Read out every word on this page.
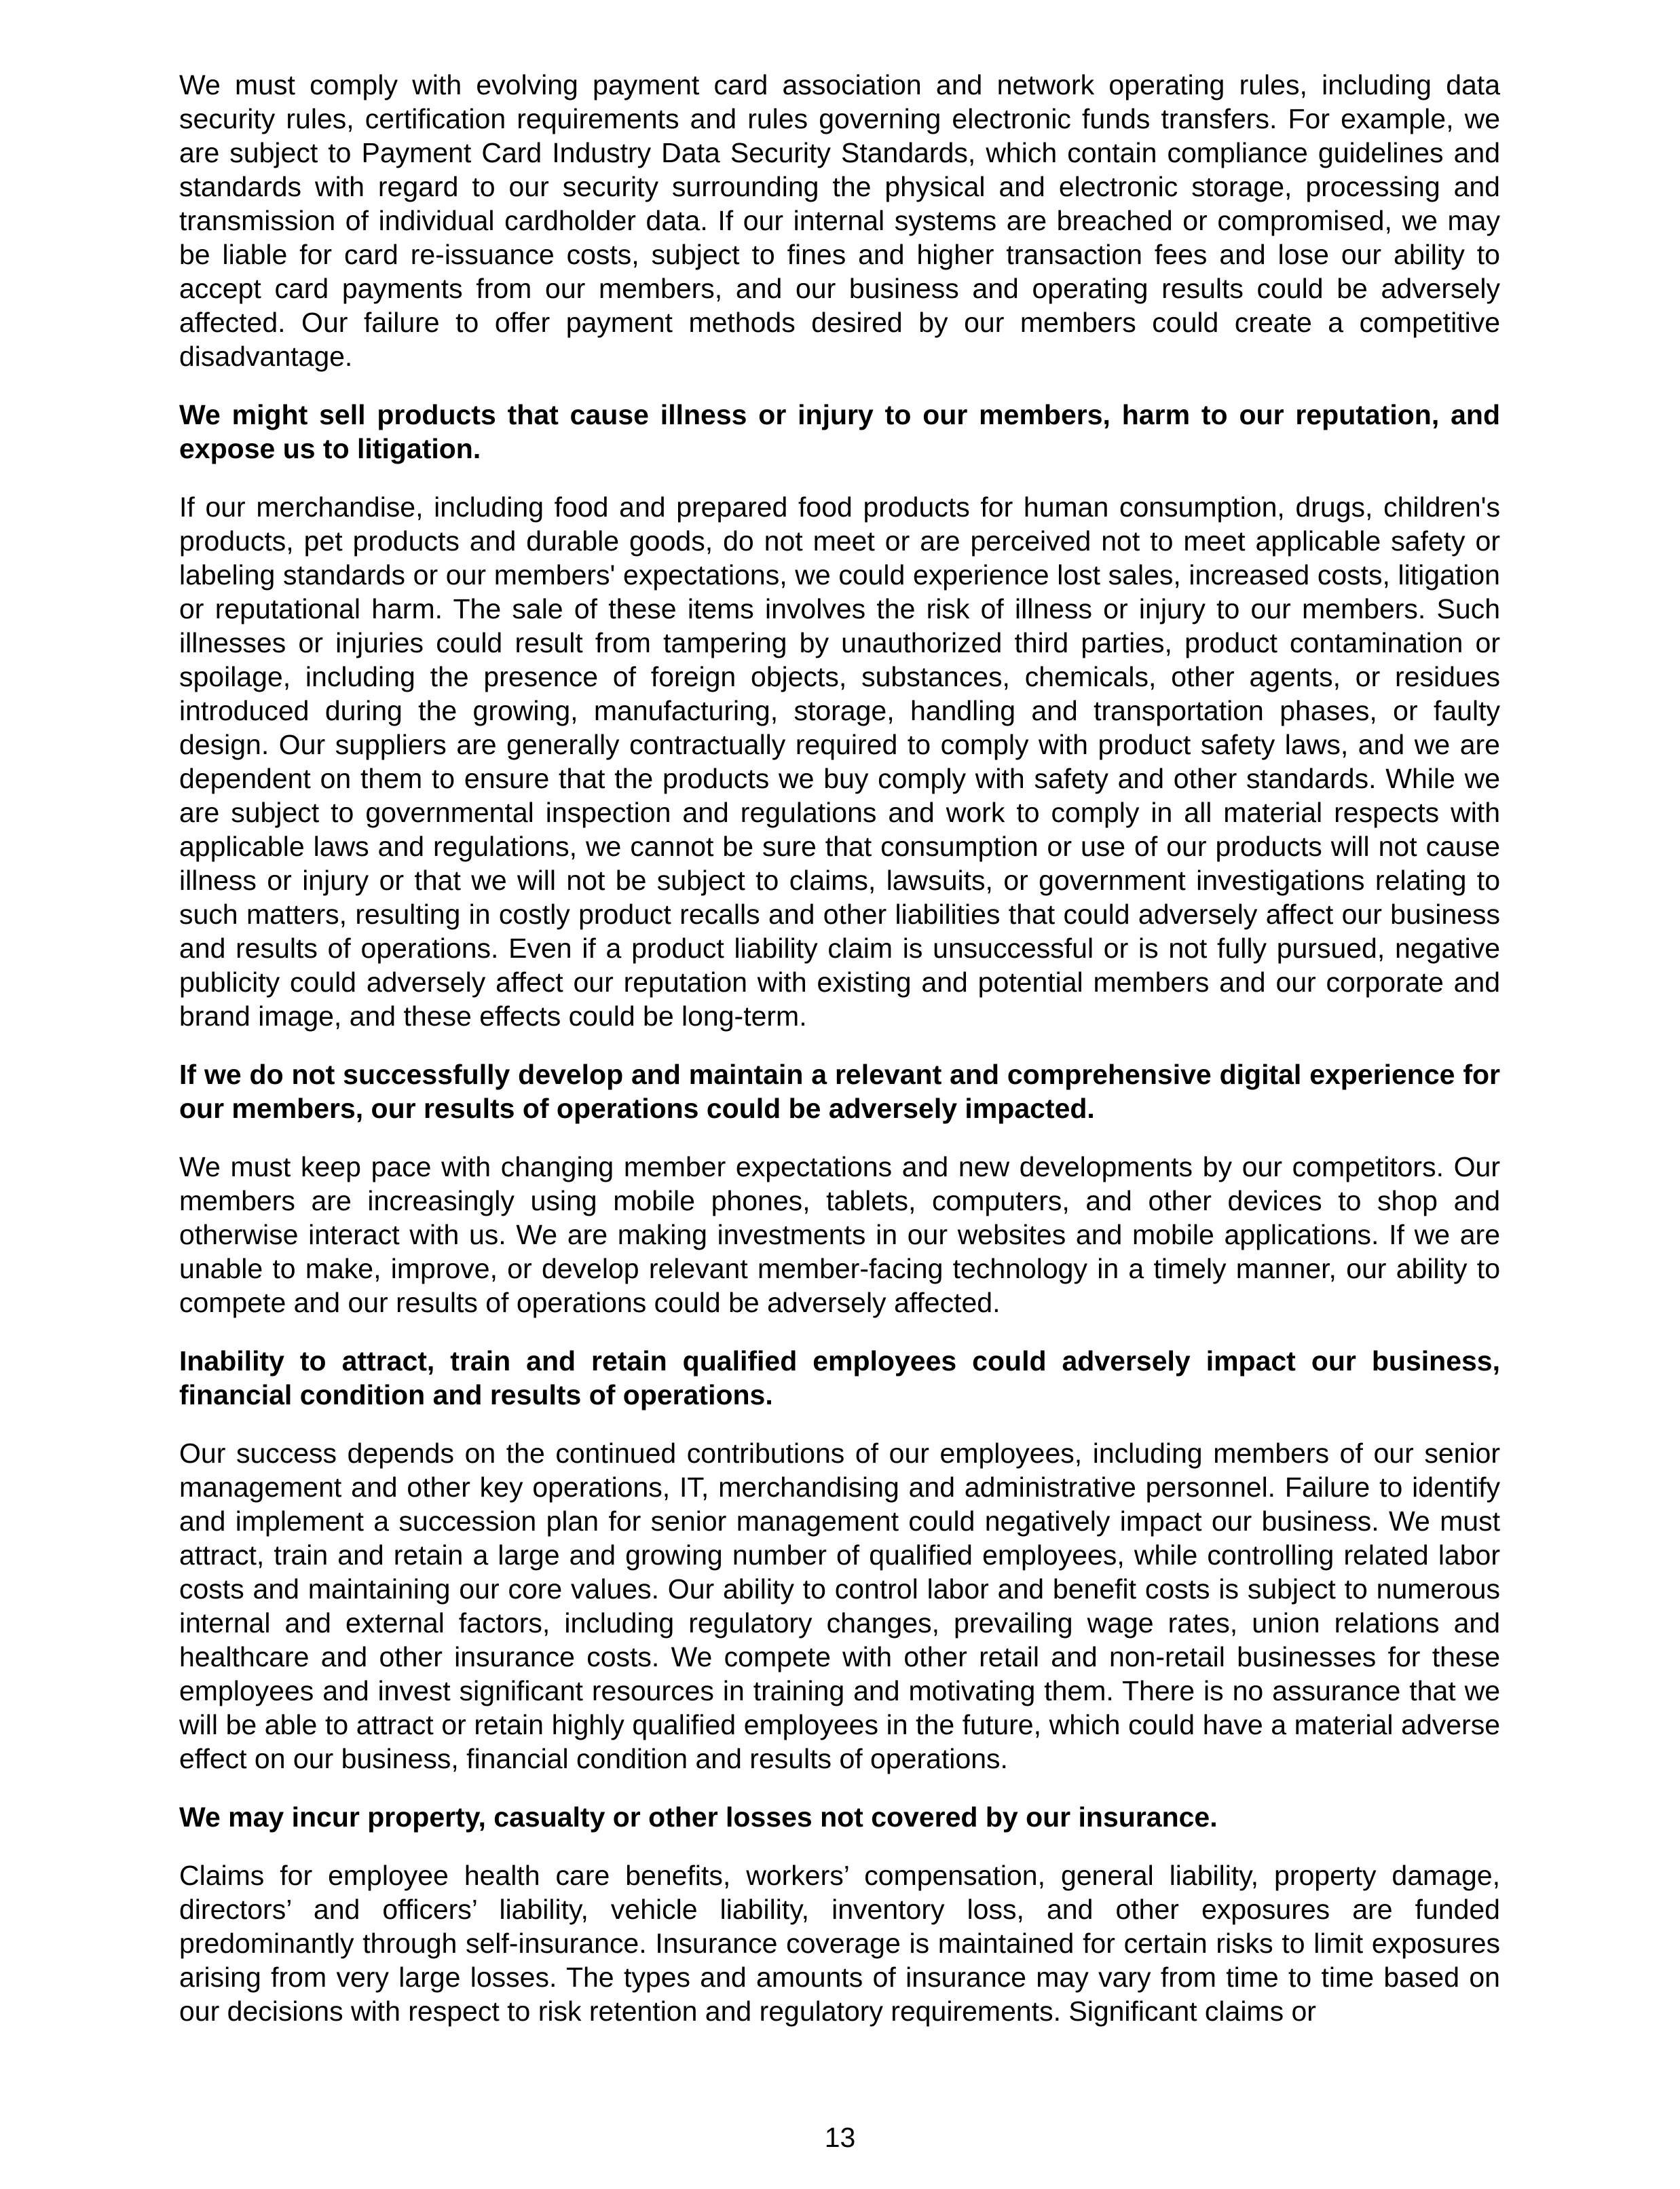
We must comply with evolving payment card association and network operating rules, including data security rules, certification requirements and rules governing electronic funds transfers. For example, we are subject to Payment Card Industry Data Security Standards, which contain compliance guidelines and standards with regard to our security surrounding the physical and electronic storage, processing and transmission of individual cardholder data. If our internal systems are breached or compromised, we may be liable for card re-issuance costs, subject to fines and higher transaction fees and lose our ability to accept card payments from our members, and our business and operating results could be adversely affected. Our failure to offer payment methods desired by our members could create a competitive disadvantage.

We might sell products that cause illness or injury to our members, harm to our reputation, and expose us to litigation.

If our merchandise, including food and prepared food products for human consumption, drugs, children's products, pet products and durable goods, do not meet or are perceived not to meet applicable safety or labeling standards or our members' expectations, we could experience lost sales, increased costs, litigation or reputational harm. The sale of these items involves the risk of illness or injury to our members. Such illnesses or injuries could result from tampering by unauthorized third parties, product contamination or spoilage, including the presence of foreign objects, substances, chemicals, other agents, or residues introduced during the growing, manufacturing, storage, handling and transportation phases, or faulty design. Our suppliers are generally contractually required to comply with product safety laws, and we are dependent on them to ensure that the products we buy comply with safety and other standards. While we are subject to governmental inspection and regulations and work to comply in all material respects with applicable laws and regulations, we cannot be sure that consumption or use of our products will not cause illness or injury or that we will not be subject to claims, lawsuits, or government investigations relating to such matters, resulting in costly product recalls and other liabilities that could adversely affect our business and results of operations. Even if a product liability claim is unsuccessful or is not fully pursued, negative publicity could adversely affect our reputation with existing and potential members and our corporate and brand image, and these effects could be long-term.

If we do not successfully develop and maintain a relevant and comprehensive digital experience for our members, our results of operations could be adversely impacted.

We must keep pace with changing member expectations and new developments by our competitors. Our members are increasingly using mobile phones, tablets, computers, and other devices to shop and otherwise interact with us. We are making investments in our websites and mobile applications. If we are unable to make, improve, or develop relevant member-facing technology in a timely manner, our ability to compete and our results of operations could be adversely affected.

Inability to attract, train and retain qualified employees could adversely impact our business, financial condition and results of operations.

Our success depends on the continued contributions of our employees, including members of our senior management and other key operations, IT, merchandising and administrative personnel. Failure to identify and implement a succession plan for senior management could negatively impact our business. We must attract, train and retain a large and growing number of qualified employees, while controlling related labor costs and maintaining our core values. Our ability to control labor and benefit costs is subject to numerous internal and external factors, including regulatory changes, prevailing wage rates, union relations and healthcare and other insurance costs. We compete with other retail and non-retail businesses for these employees and invest significant resources in training and motivating them. There is no assurance that we will be able to attract or retain highly qualified employees in the future, which could have a material adverse effect on our business, financial condition and results of operations.

We may incur property, casualty or other losses not covered by our insurance.

Claims for employee health care benefits, workers’ compensation, general liability, property damage, directors’ and officers’ liability, vehicle liability, inventory loss, and other exposures are funded predominantly through self-insurance. Insurance coverage is maintained for certain risks to limit exposures arising from very large losses. The types and amounts of insurance may vary from time to time based on our decisions with respect to risk retention and regulatory requirements. Significant claims or

13
